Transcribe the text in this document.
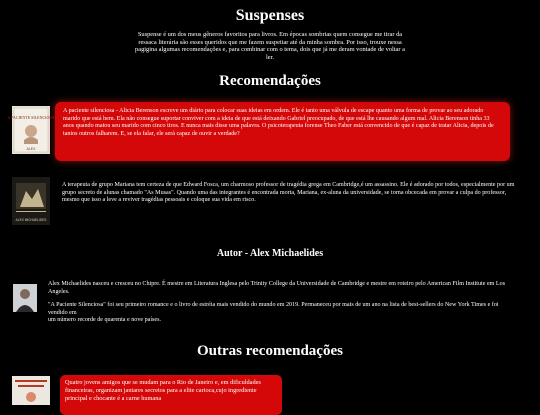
Suspenses
Suspense é um dos meus gêneros favoritos para livros. Em épocas sombrias quem consegue me tirar da ressaca literária são esses queridos que me fazem suspeitar até da minha sombra. Por isso, trouxe nessa pagigina algumas recomendações e, para combinar com o tema, dois que já me deram vontade de voltar a ler.
Recomendações
A PACIENTE SILENCIOSA
ALEX
A paciente silenciosa - Alicia Berenson escreve um diário para colocar suas ideias em ordem. Ele é tanto uma válvula de escape quanto uma forma de provar ao seu adorado marido que está bem. Ela não consegue suportar conviver com a ideia de que está deixando Gabriel preocupado, de que está lhe causando algum mal. Alicia Berenson tinha 33 anos quando matou seu marido com cinco tiros. E nunca mais disse uma palavra. O psicoterapeuta forense Theo Faber está convencido de que é capaz de tratar Alicia, depois de tantos outros falharem. E, se ela falar, ele será capaz de ouvir a verdade?
ALEX MICHAELIDES
A terapeuta de grupo Mariana tem certeza de que Edward Fosca, um charmoso professor de tragédia grega em Cambridge,é um assassino. Ele é adorado por todos, especialmente por um grupo secreto de alunas chamado "As Musas". Quando uma das integrantes é encontrada morta, Mariana, ex-aluna da universidade, se torna obcecada em provar a culpa do professor, mesmo que isso a leve a reviver tragédias pessoais e coloque sua vida em risco.
Autor - Alex Michaelides

Alex Michaelides nasceu e cresceu no Chipre. É mestre em Literatura Inglesa pelo Trinity College da Universidade de Cambridge e mestre em roteiro pelo American Film Institute em Los Angeles.

"A Paciente Silenciosa" foi seu primeiro romance e o livro de estréia mais vendido do mundo em 2019. Permaneceu por mais de um ano na lista de best-sellers do New York Times e foi vendido em
um número recorde de quarenta e nove países.
Outras recomendações
Quatro jovens amigos que se mudam para o Rio de Janeiro e, em dificuldades financeiras, organizam jantares secretos para a elite carioca,cujo ingrediente principal e chocante é a carne humana
